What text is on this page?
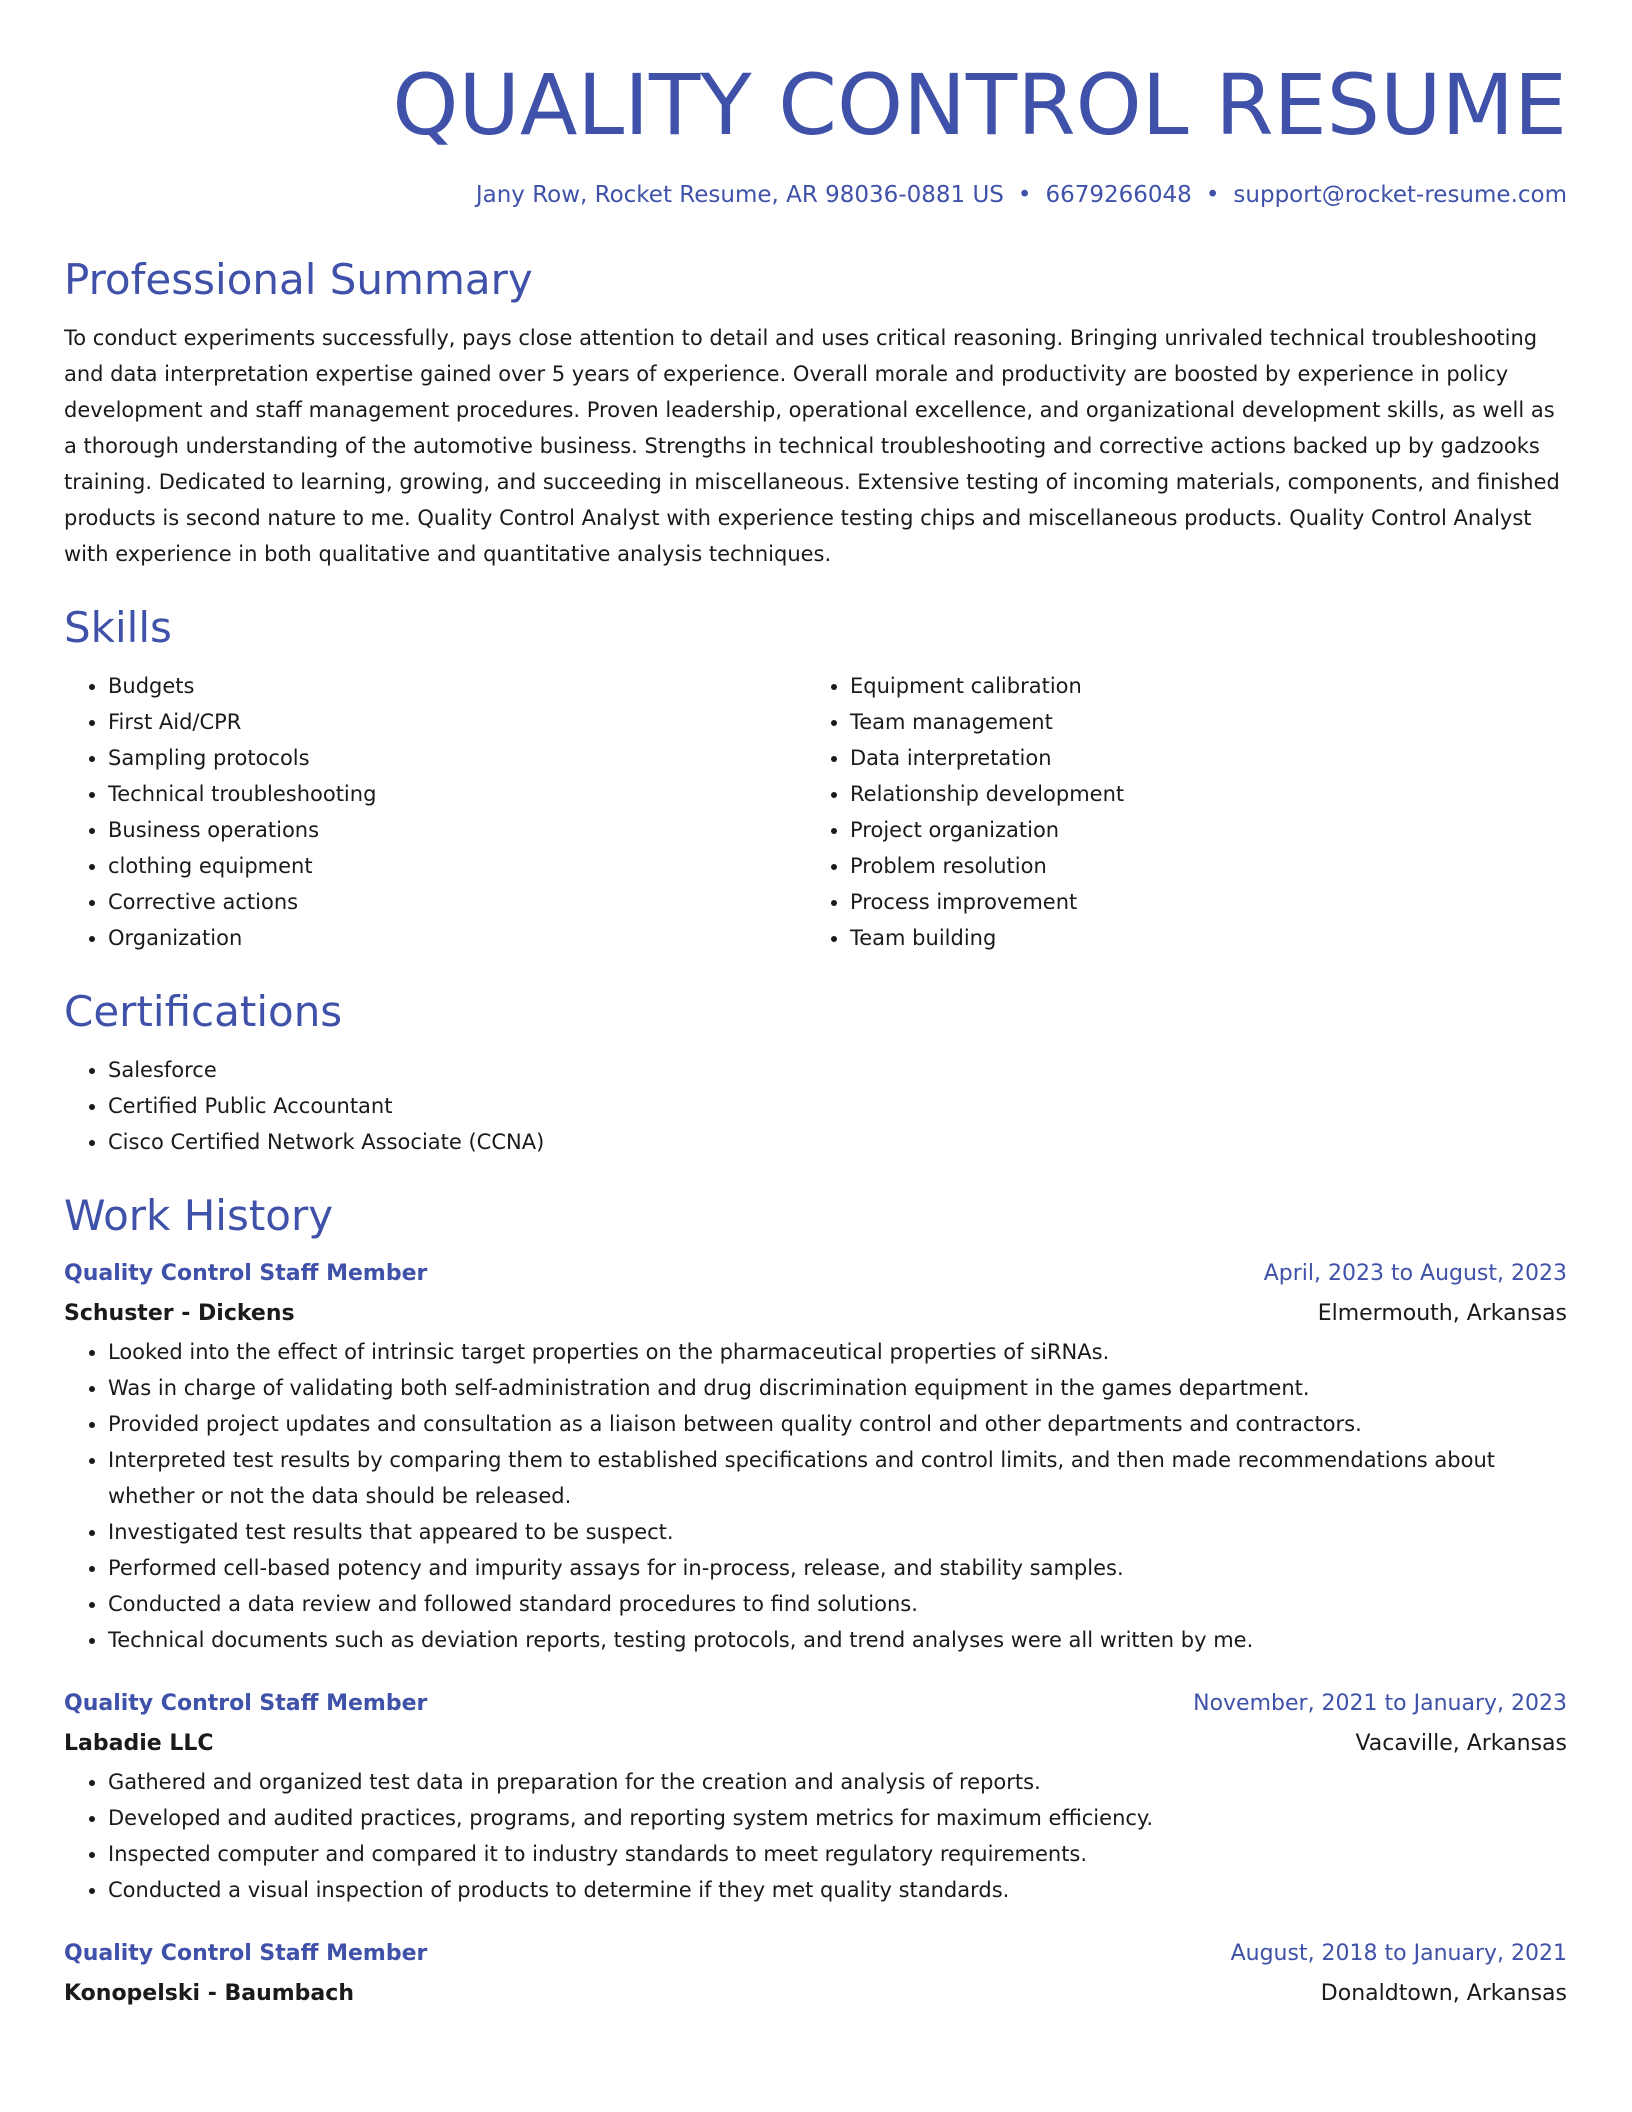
QUALITY CONTROL RESUME
Jany Row, Rocket Resume, AR 98036-0881 US • 6679266048 • support@rocket-resume.com
Professional Summary

To conduct experiments successfully, pays close attention to detail and uses critical reasoning. Bringing unrivaled technical troubleshooting and data interpretation expertise gained over 5 years of experience. Overall morale and productivity are boosted by experience in policy development and staff management procedures. Proven leadership, operational excellence, and organizational development skills, as well as a thorough understanding of the automotive business. Strengths in technical troubleshooting and corrective actions backed up by gadzooks training. Dedicated to learning, growing, and succeeding in miscellaneous. Extensive testing of incoming materials, components, and finished products is second nature to me. Quality Control Analyst with experience testing chips and miscellaneous products. Quality Control Analyst with experience in both qualitative and quantitative analysis techniques.

Skills
• Budgets
• First Aid/CPR
• Sampling protocols
• Technical troubleshooting
• Business operations
• clothing equipment
• Corrective actions
• Organization
• Equipment calibration
• Team management
• Data interpretation
• Relationship development
• Project organization
• Problem resolution
• Process improvement
• Team building
Certifications
• Salesforce
• Certified Public Accountant
• Cisco Certified Network Associate (CCNA)
Work History
Quality Control Staff Member	April, 2023 to August, 2023
Schuster - Dickens	Elmermouth, Arkansas
• Looked into the effect of intrinsic target properties on the pharmaceutical properties of siRNAs.
• Was in charge of validating both self-administration and drug discrimination equipment in the games department.
• Provided project updates and consultation as a liaison between quality control and other departments and contractors.
• Interpreted test results by comparing them to established specifications and control limits, and then made recommendations about whether or not the data should be released.
• Investigated test results that appeared to be suspect.
• Performed cell-based potency and impurity assays for in-process, release, and stability samples.
• Conducted a data review and followed standard procedures to find solutions.
• Technical documents such as deviation reports, testing protocols, and trend analyses were all written by me.
Quality Control Staff Member	November, 2021 to January, 2023
Labadie LLC	Vacaville, Arkansas
• Gathered and organized test data in preparation for the creation and analysis of reports.
• Developed and audited practices, programs, and reporting system metrics for maximum efficiency.
• Inspected computer and compared it to industry standards to meet regulatory requirements.
• Conducted a visual inspection of products to determine if they met quality standards.
Quality Control Staff Member	August, 2018 to January, 2021
Konopelski - Baumbach	Donaldtown, Arkansas
